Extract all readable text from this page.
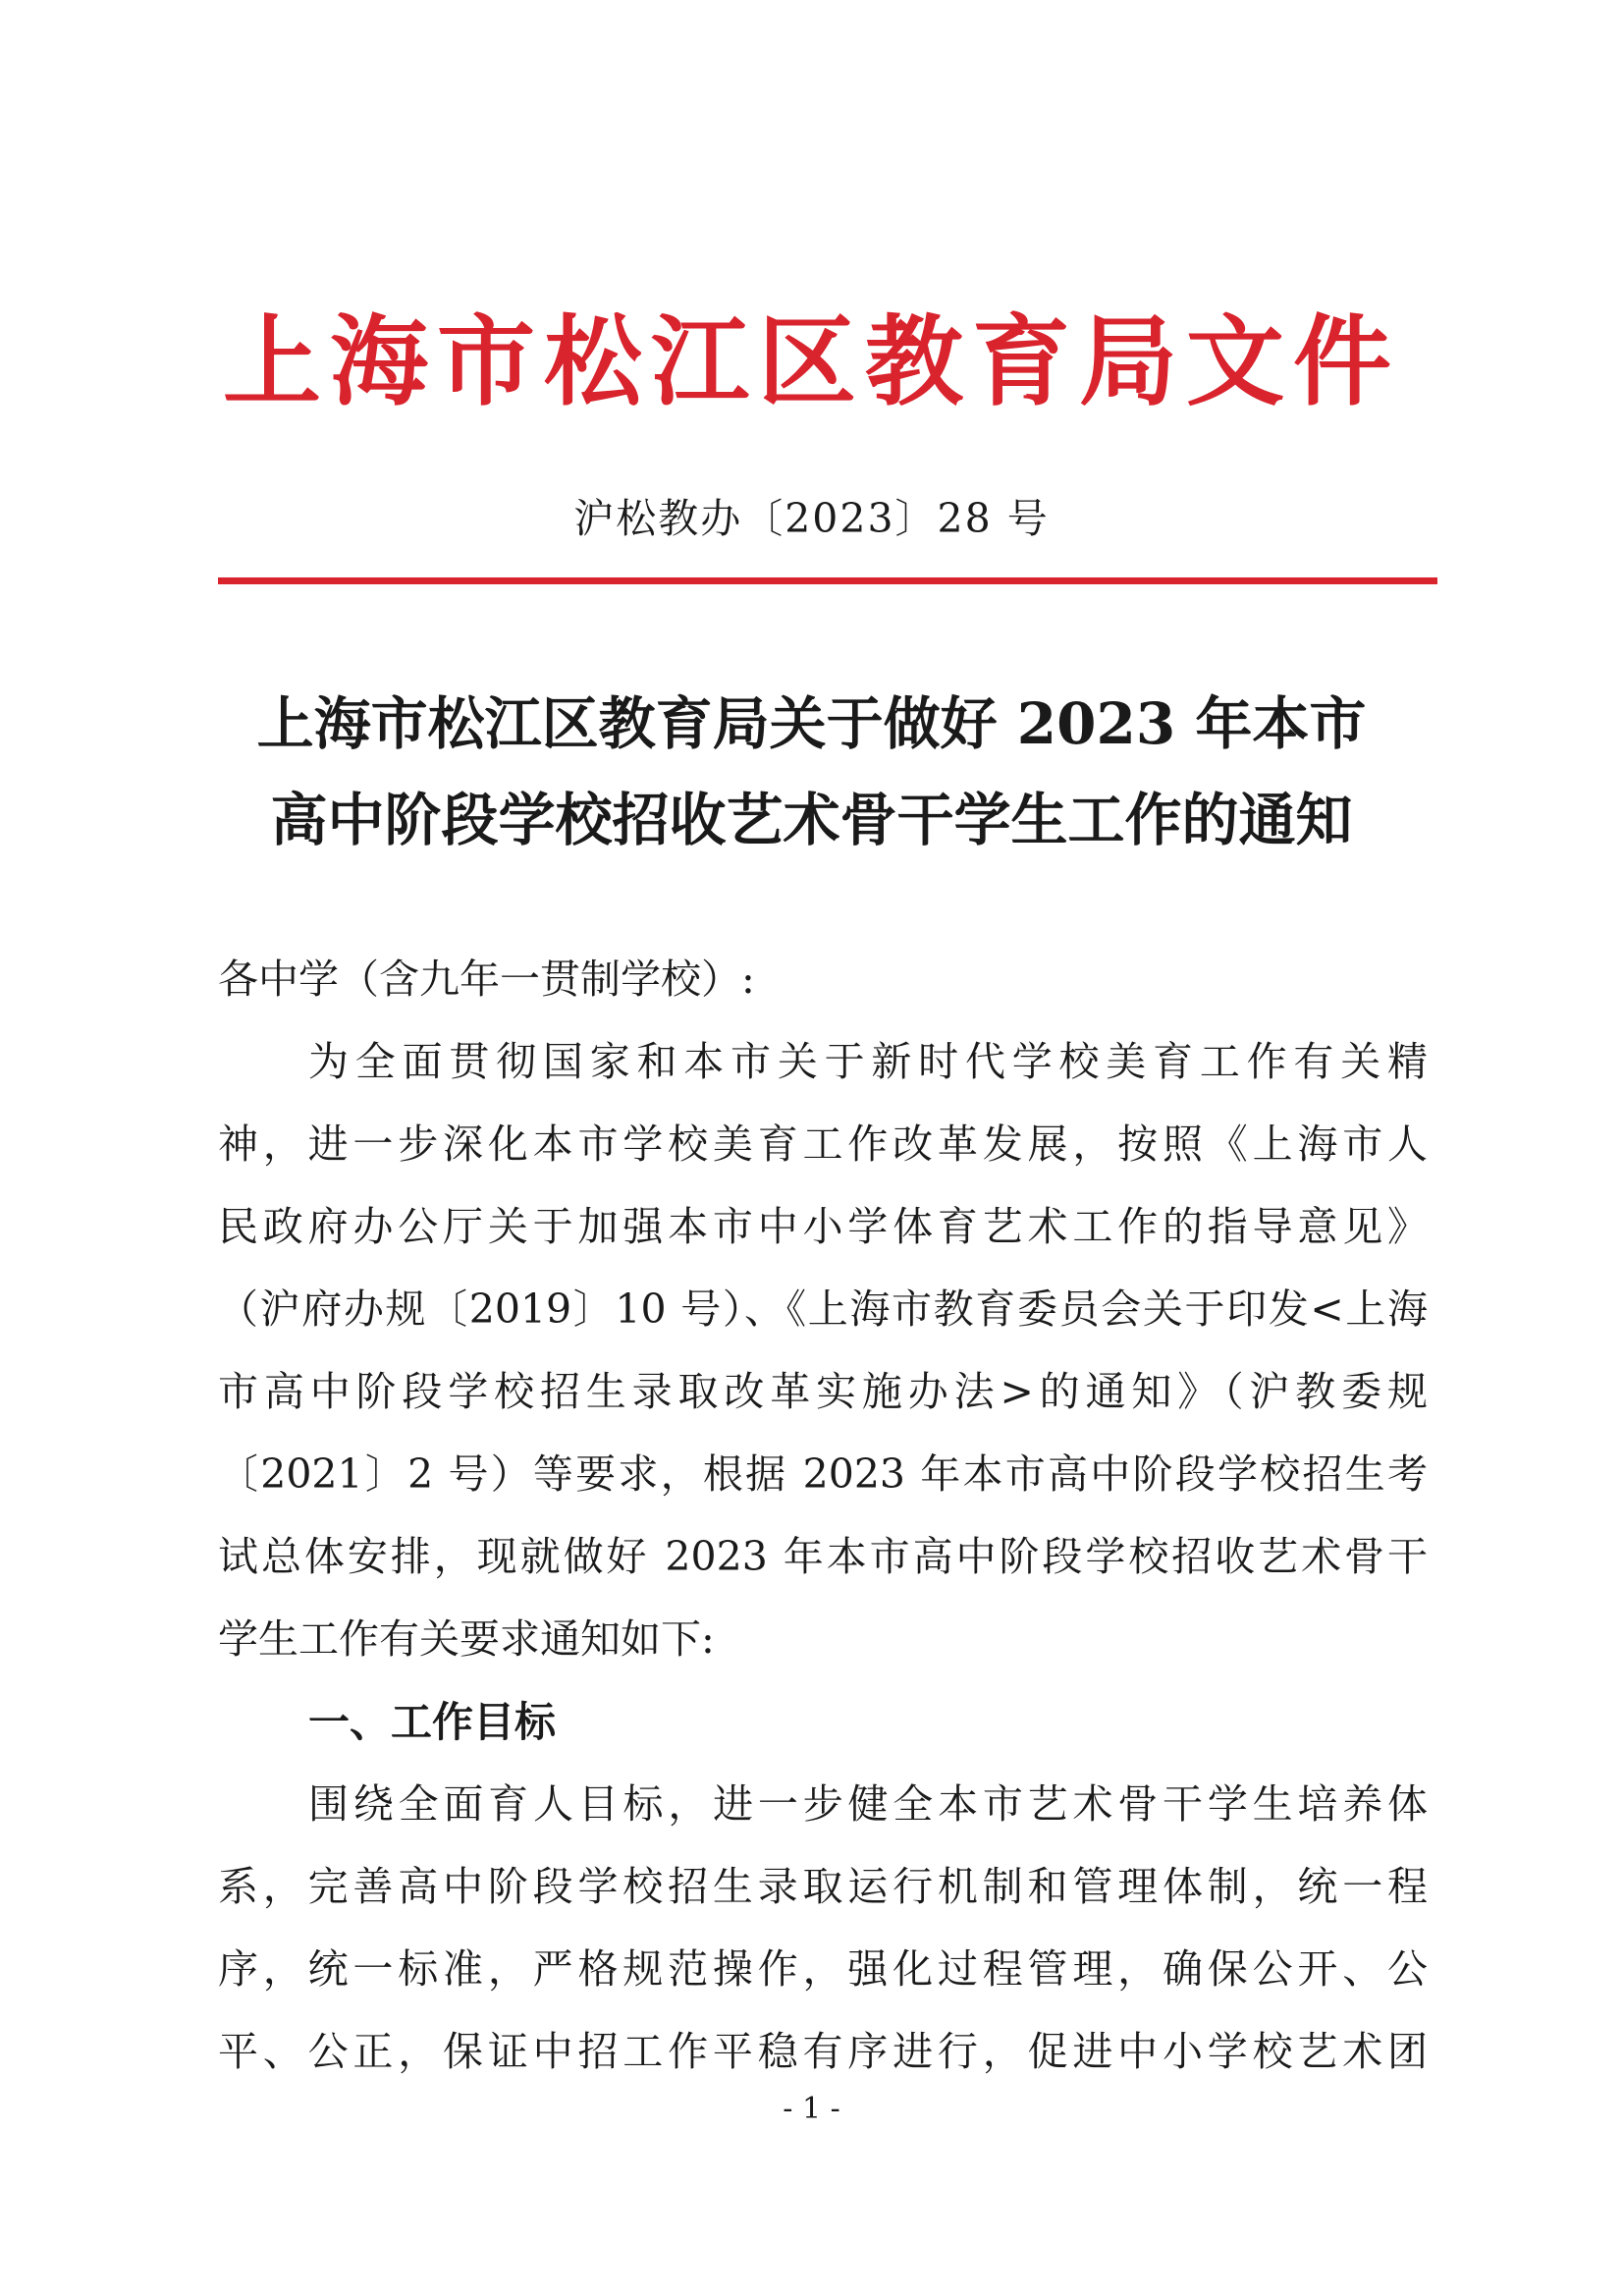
上海市松江区教育局文件
沪松教办〔2023〕28 号
上海市松江区教育局关于做好 2023 年本市
高中阶段学校招收艺术骨干学生工作的通知
各中学（含九年一贯制学校）:
为全面贯彻国家和本市关于新时代学校美育工作有关精
神，进一步深化本市学校美育工作改革发展，按照《上海市人
民政府办公厅关于加强本市中小学体育艺术工作的指导意见》
（沪府办规〔2019〕10 号）、《上海市教育委员会关于印发<上海
市高中阶段学校招生录取改革实施办法>的通知》（沪教委规
〔2021〕2 号）等要求，根据 2023 年本市高中阶段学校招生考
试总体安排，现就做好 2023 年本市高中阶段学校招收艺术骨干
学生工作有关要求通知如下:
一、工作目标
围绕全面育人目标，进一步健全本市艺术骨干学生培养体
系，完善高中阶段学校招生录取运行机制和管理体制，统一程
序，统一标准，严格规范操作，强化过程管理，确保公开、公
平、公正，保证中招工作平稳有序进行，促进中小学校艺术团
- 1 -
